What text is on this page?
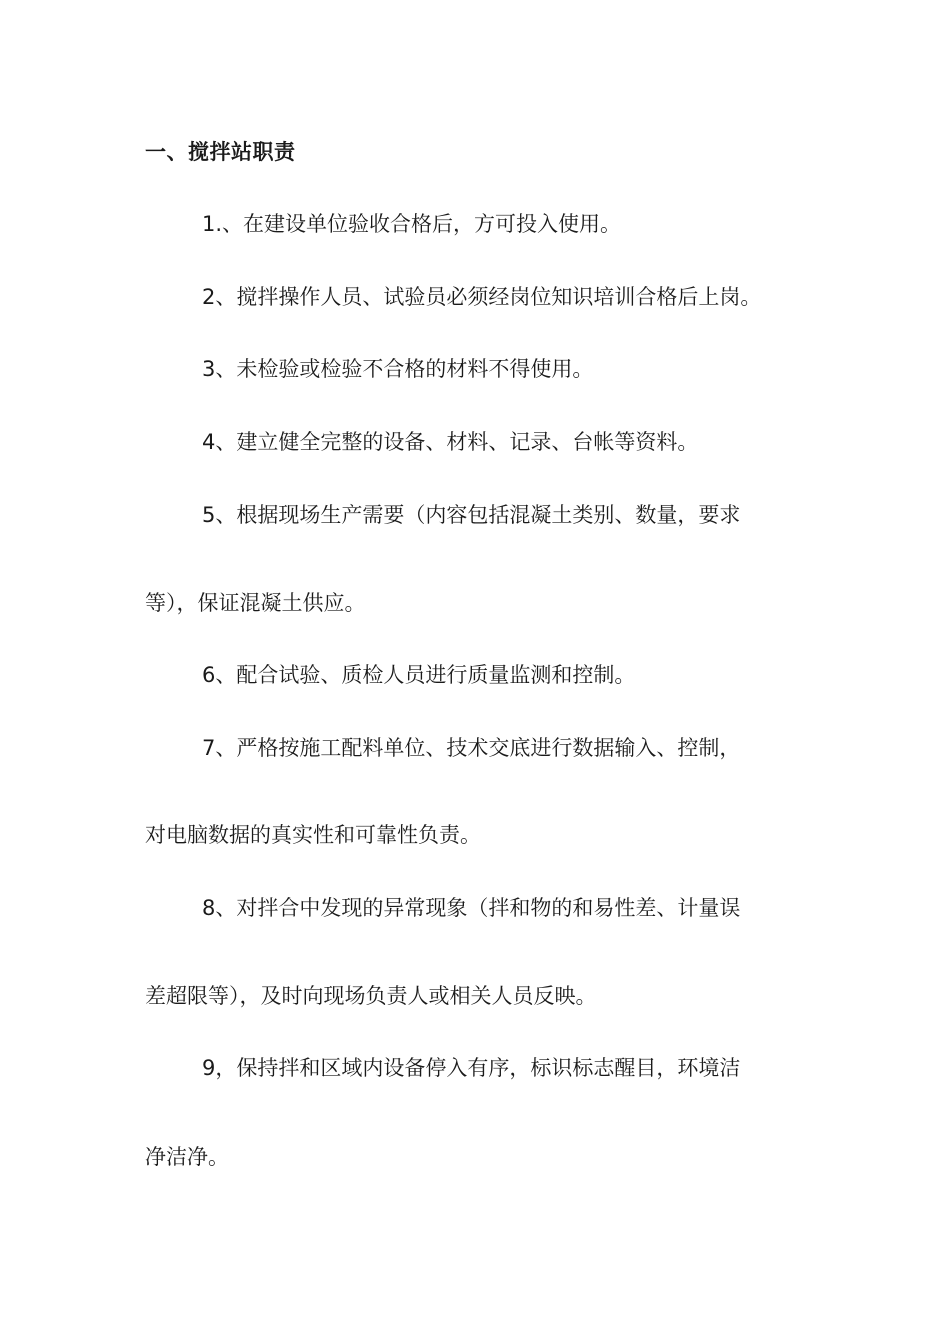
一、搅拌站职责
1.、在建设单位验收合格后，方可投入使用。
2、搅拌操作人员、试验员必须经岗位知识培训合格后上岗。
3、未检验或检验不合格的材料不得使用。
4、建立健全完整的设备、材料、记录、台帐等资料。
5、根据现场生产需要（内容包括混凝土类别、数量，要求
等），保证混凝土供应。
6、配合试验、质检人员进行质量监测和控制。
7、严格按施工配料单位、技术交底进行数据输入、控制，
对电脑数据的真实性和可靠性负责。
8、对拌合中发现的异常现象（拌和物的和易性差、计量误
差超限等），及时向现场负责人或相关人员反映。
9，保持拌和区域内设备停入有序，标识标志醒目，环境洁
净洁净。
